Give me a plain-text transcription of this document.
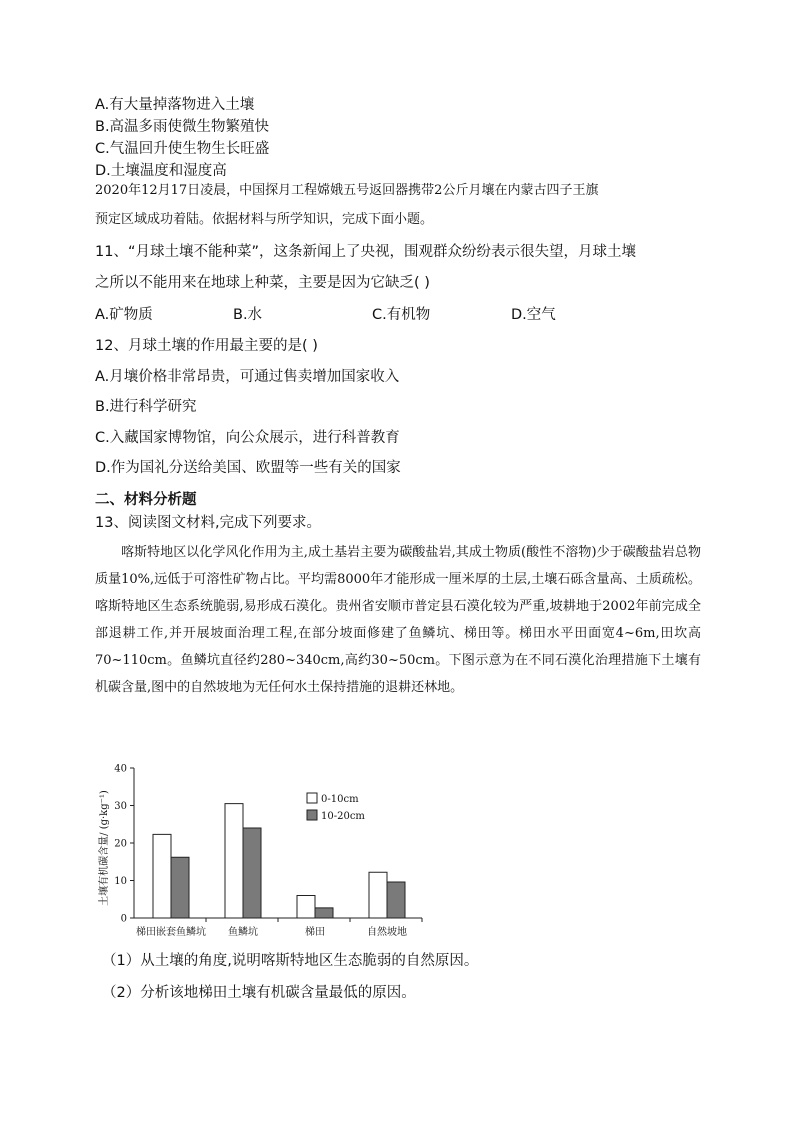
A.有大量掉落物进入土壤
B.高温多雨使微生物繁殖快
C.气温回升使生物生长旺盛
D.土壤温度和湿度高
2020年12月17日凌晨，中国探月工程嫦娥五号返回器携带2公斤月壤在内蒙古四子王旗
预定区域成功着陆。依据材料与所学知识，完成下面小题。
11、“月球土壤不能种菜”，这条新闻上了央视，围观群众纷纷表示很失望，月球土壤
之所以不能用来在地球上种菜，主要是因为它缺乏( )
A.矿物质	B.水	C.有机物	D.空气
12、月球土壤的作用最主要的是( )
A.月壤价格非常昂贵，可通过售卖增加国家收入
B.进行科学研究
C.入藏国家博物馆，向公众展示，进行科普教育
D.作为国礼分送给美国、欧盟等一些有关的国家
二、材料分析题
13、阅读图文材料,完成下列要求。
喀斯特地区以化学风化作用为主,成土基岩主要为碳酸盐岩,其成土物质(酸性不溶物)少于碳酸盐岩总物质量10%,远低于可溶性矿物占比。平均需8000年才能形成一厘米厚的土层,土壤石砾含量高、土质疏松。喀斯特地区生态系统脆弱,易形成石漠化。贵州省安顺市普定县石漠化较为严重,坡耕地于2002年前完成全部退耕工作,并开展坡面治理工程,在部分坡面修建了鱼鳞坑、梯田等。梯田水平田面宽4~6m,田坎高70~110cm。鱼鳞坑直径约280~340cm,高约30~50cm。下图示意为在不同石漠化治理措施下土壤有机碳含量,图中的自然坡地为无任何水土保持措施的退耕还林地。
土壤有机碳含量/ (g·kg⁻¹)
0
10
20
30
40
梯田嵌套鱼鳞坑 鱼鳞坑	梯田	自然坡地
0-10cm
10-20cm
（1）从土壤的角度,说明喀斯特地区生态脆弱的自然原因。
（2）分析该地梯田土壤有机碳含量最低的原因。
